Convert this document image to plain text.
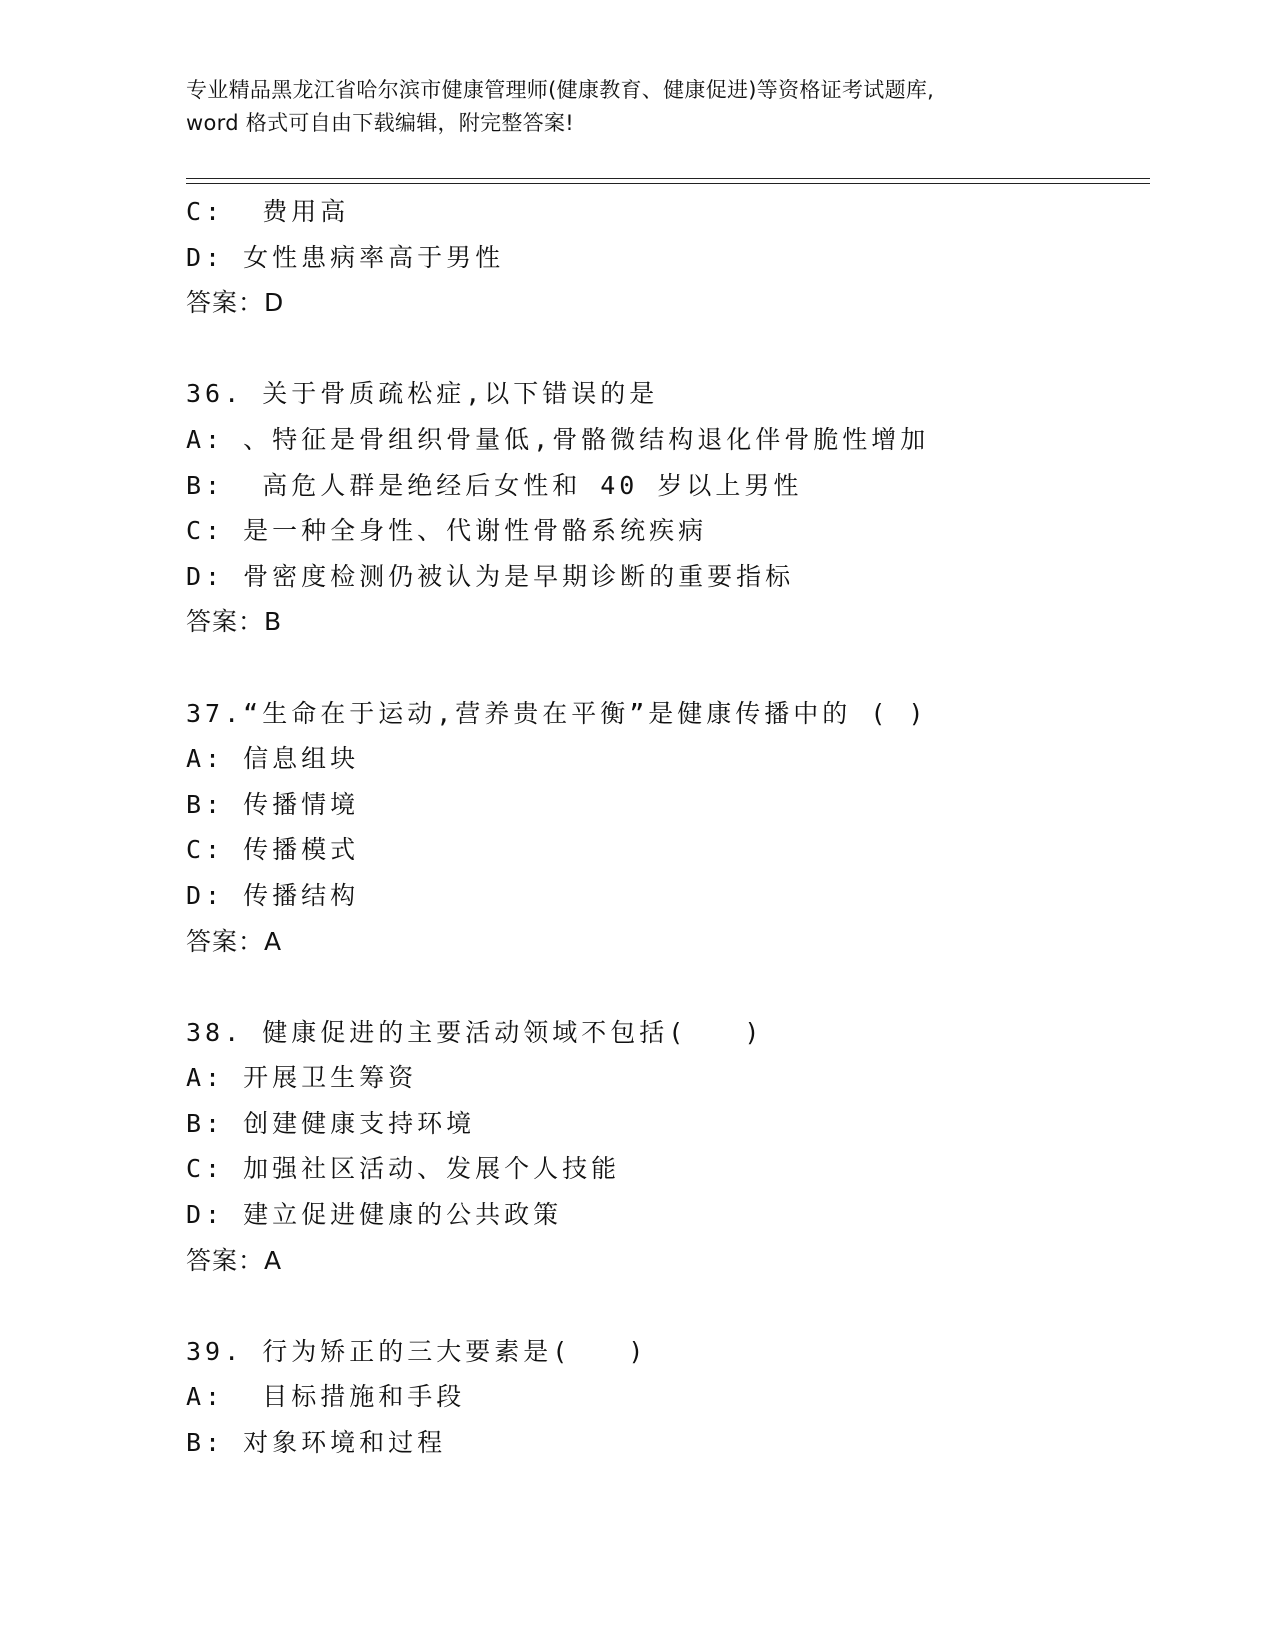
专业精品黑龙江省哈尔滨市健康管理师(健康教育、健康促进)等资格证考试题库,
word 格式可自由下载编辑，附完整答案!
C:  费用高
D: 女性患病率高于男性
答案：D
36. 关于骨质疏松症,以下错误的是
A: 、特征是骨组织骨量低,骨骼微结构退化伴骨脆性增加
B:  高危人群是绝经后女性和 40 岁以上男性
C: 是一种全身性、代谢性骨骼系统疾病
D: 骨密度检测仍被认为是早期诊断的重要指标
答案：B
37.“生命在于运动,营养贵在平衡”是健康传播中的 ( )
A: 信息组块
B: 传播情境
C: 传播模式
D: 传播结构
答案：A
38. 健康促进的主要活动领域不包括(   )
A: 开展卫生筹资
B: 创建健康支持环境
C: 加强社区活动、发展个人技能
D: 建立促进健康的公共政策
答案：A
39. 行为矫正的三大要素是(   )
A:  目标措施和手段
B: 对象环境和过程
